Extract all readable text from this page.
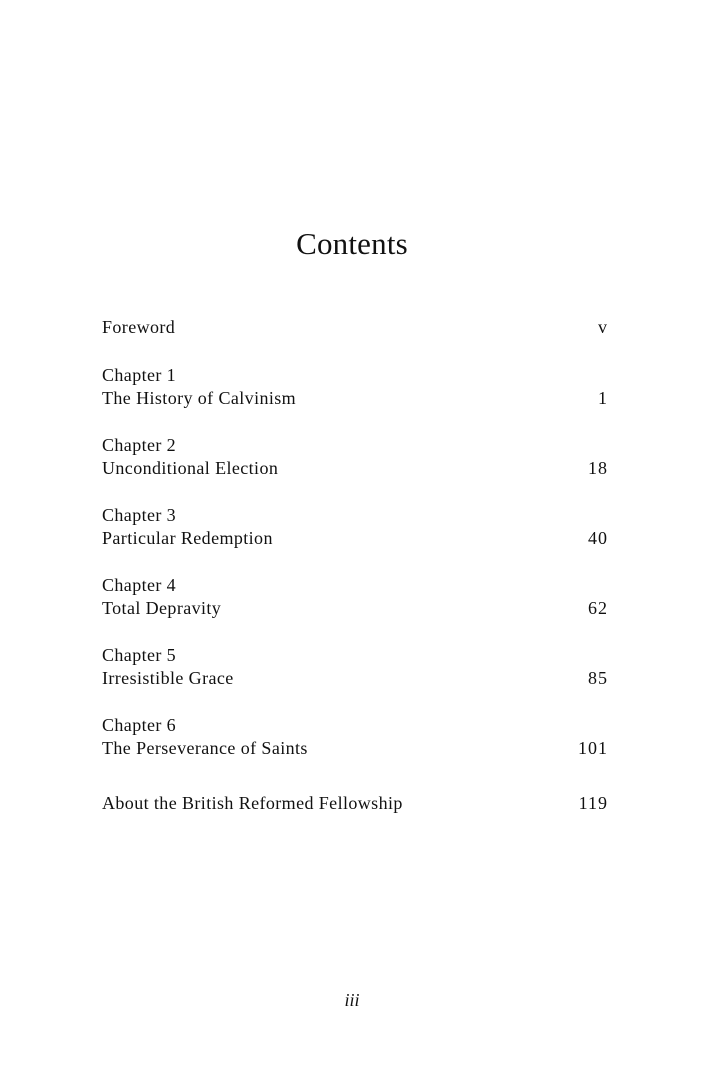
Contents
Foreword	v
Chapter 1
The History of Calvinism	1
Chapter 2
Unconditional Election	18
Chapter 3
Particular Redemption	40
Chapter 4
Total Depravity	62
Chapter 5
Irresistible Grace	85
Chapter 6
The Perseverance of Saints	101
About the British Reformed Fellowship	119
iii
